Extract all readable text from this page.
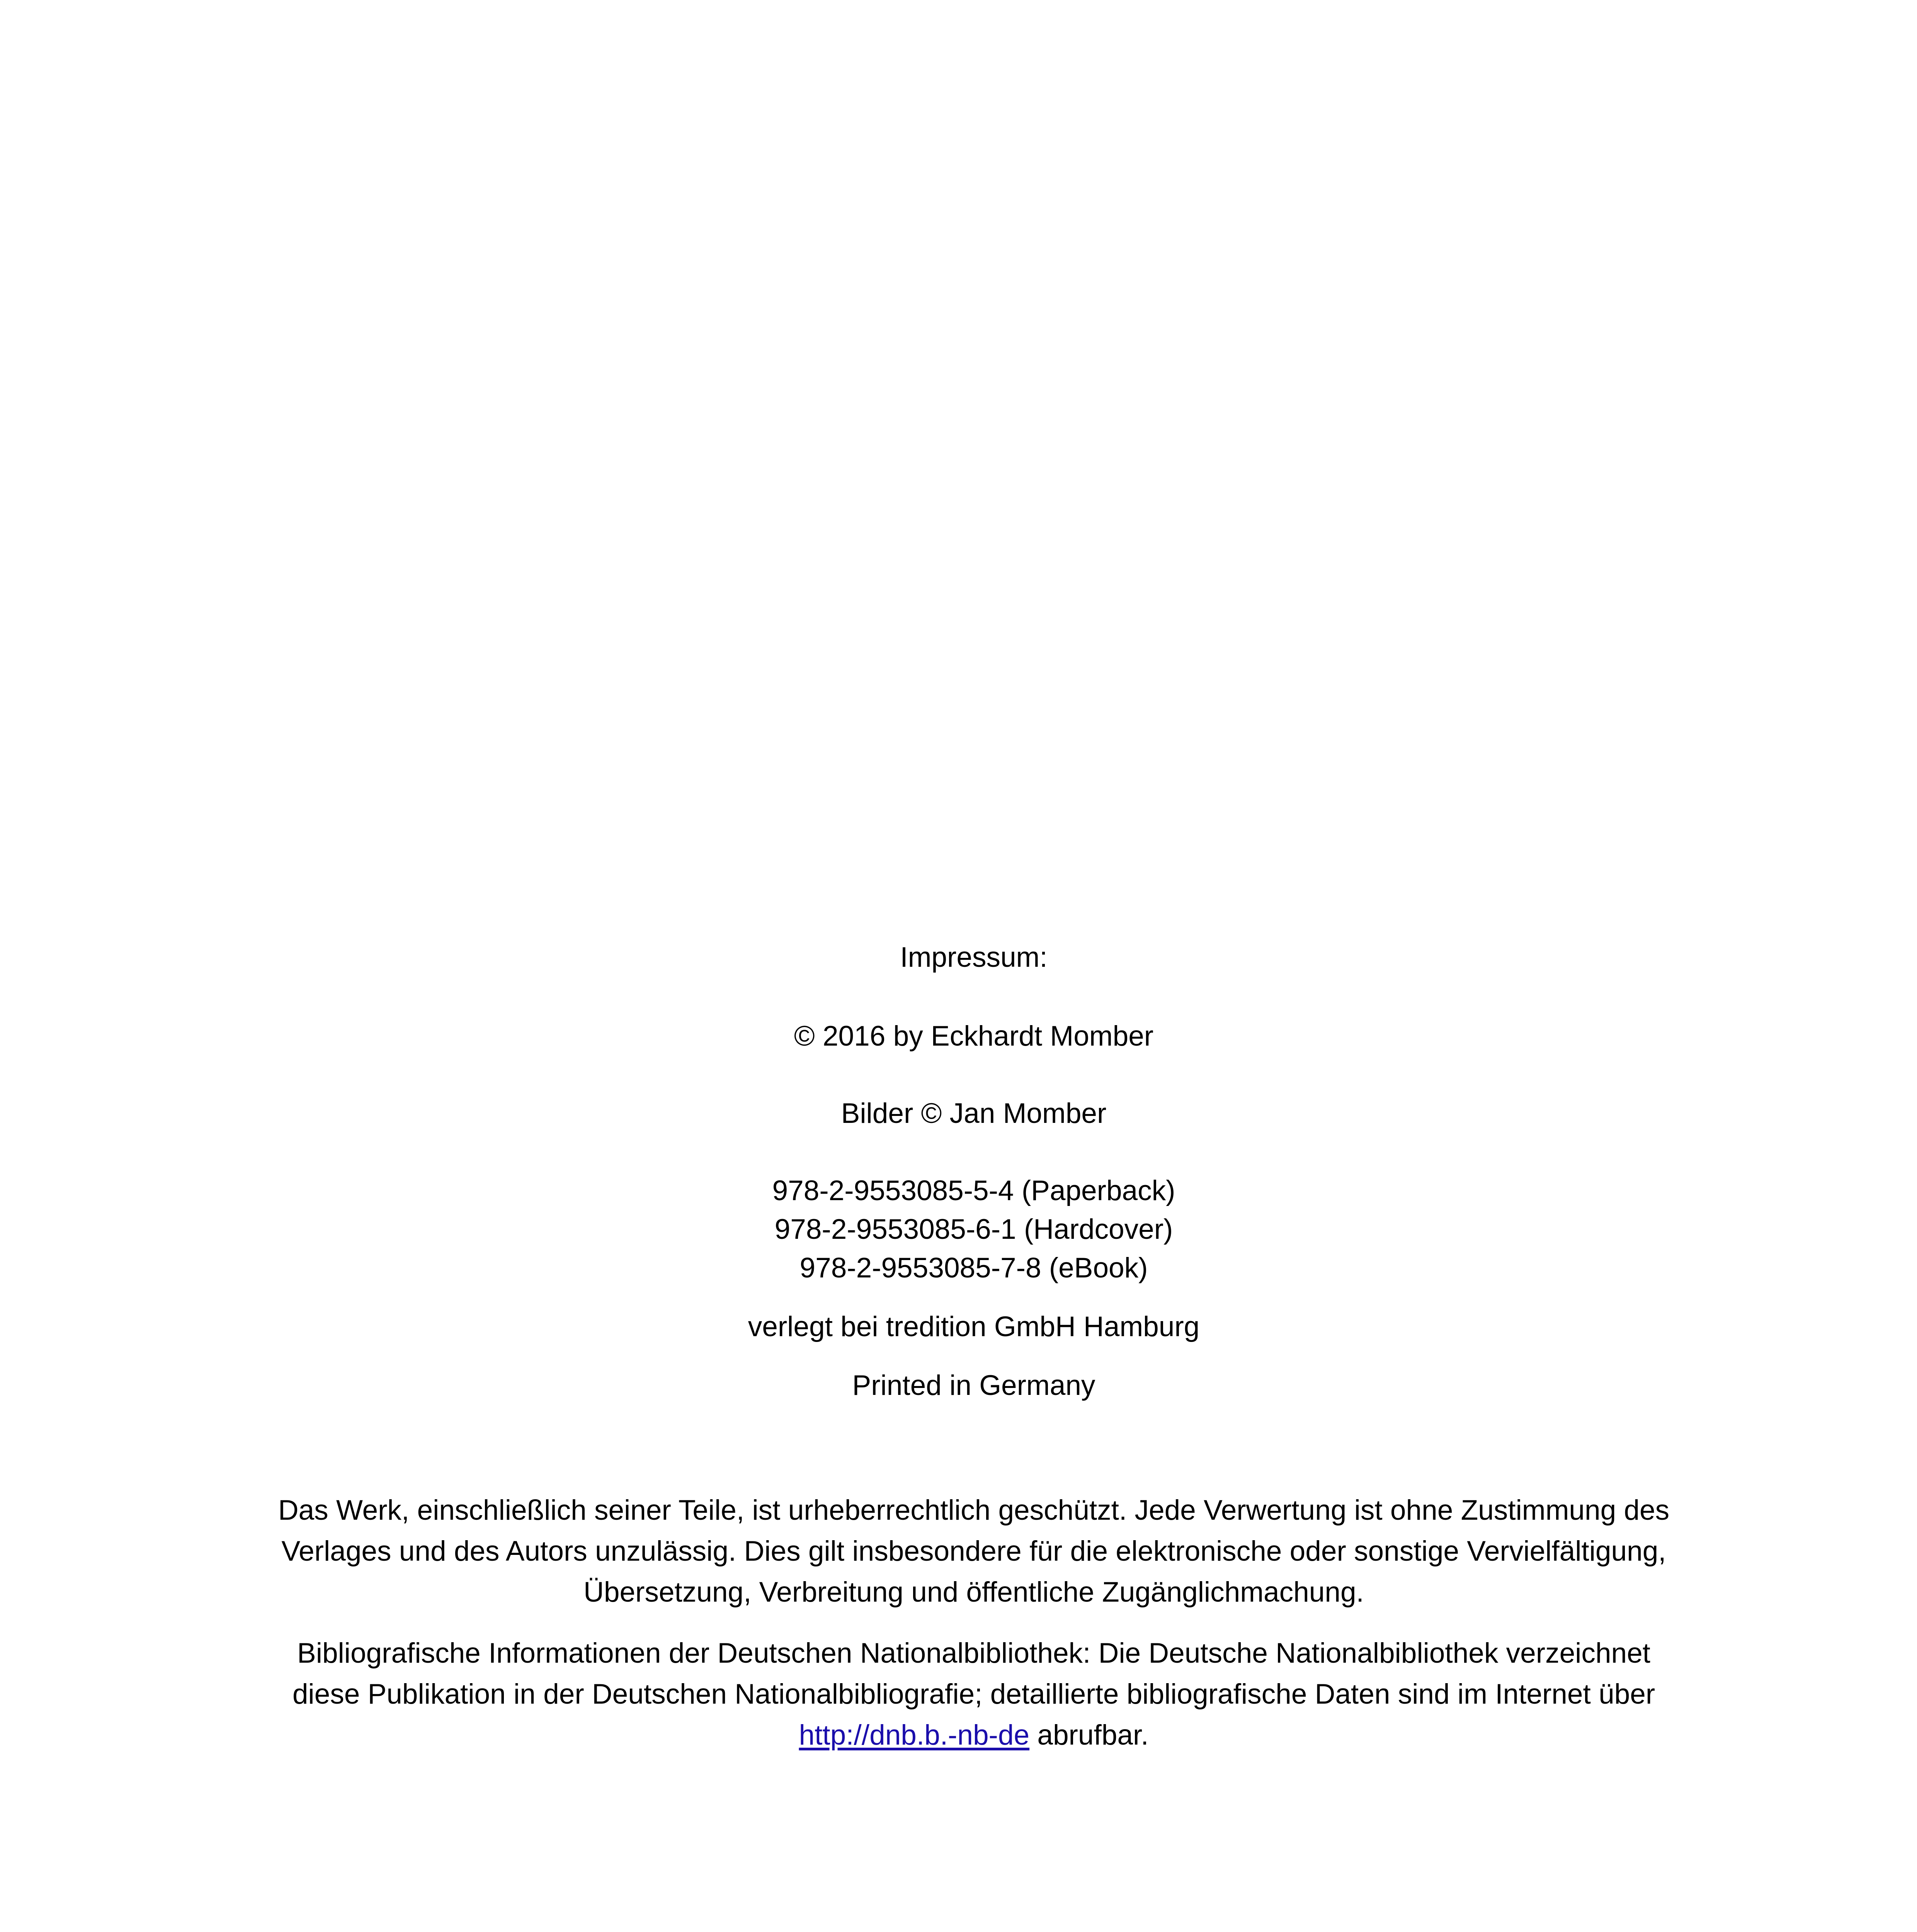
Impressum:
© 2016 by Eckhardt Momber
Bilder © Jan Momber
978-2-9553085-5-4 (Paperback)
978-2-9553085-6-1 (Hardcover)
978-2-9553085-7-8 (eBook)
verlegt bei tredition GmbH Hamburg
Printed in Germany

Das Werk, einschließlich seiner Teile, ist urheberrechtlich geschützt. Jede Verwertung ist ohne Zustimmung des Verlages und des Autors unzulässig. Dies gilt insbesondere für die elektronische oder sonstige Vervielfältigung, Übersetzung, Verbreitung und öffentliche Zugänglichmachung.

Bibliografische Informationen der Deutschen Nationalbibliothek: Die Deutsche Nationalbibliothek verzeichnet diese Publikation in der Deutschen Nationalbibliografie; detaillierte bibliografische Daten sind im Internet über http://dnb.b.-nb-de abrufbar.
